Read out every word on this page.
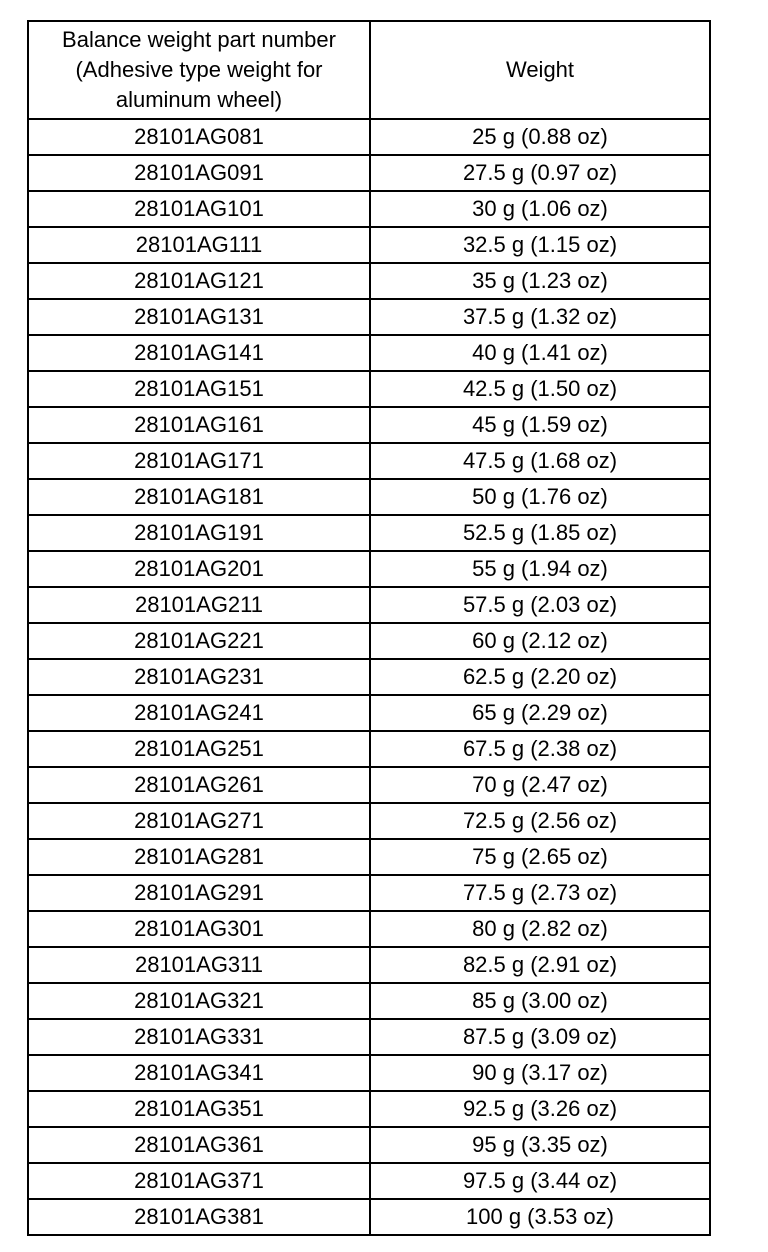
Balance weight part number
(Adhesive type weight for
aluminum wheel)	Weight
28101AG081	25 g (0.88 oz)
28101AG091	27.5 g (0.97 oz)
28101AG101	30 g (1.06 oz)
28101AG111	32.5 g (1.15 oz)
28101AG121	35 g (1.23 oz)
28101AG131	37.5 g (1.32 oz)
28101AG141	40 g (1.41 oz)
28101AG151	42.5 g (1.50 oz)
28101AG161	45 g (1.59 oz)
28101AG171	47.5 g (1.68 oz)
28101AG181	50 g (1.76 oz)
28101AG191	52.5 g (1.85 oz)
28101AG201	55 g (1.94 oz)
28101AG211	57.5 g (2.03 oz)
28101AG221	60 g (2.12 oz)
28101AG231	62.5 g (2.20 oz)
28101AG241	65 g (2.29 oz)
28101AG251	67.5 g (2.38 oz)
28101AG261	70 g (2.47 oz)
28101AG271	72.5 g (2.56 oz)
28101AG281	75 g (2.65 oz)
28101AG291	77.5 g (2.73 oz)
28101AG301	80 g (2.82 oz)
28101AG311	82.5 g (2.91 oz)
28101AG321	85 g (3.00 oz)
28101AG331	87.5 g (3.09 oz)
28101AG341	90 g (3.17 oz)
28101AG351	92.5 g (3.26 oz)
28101AG361	95 g (3.35 oz)
28101AG371	97.5 g (3.44 oz)
28101AG381	100 g (3.53 oz)
